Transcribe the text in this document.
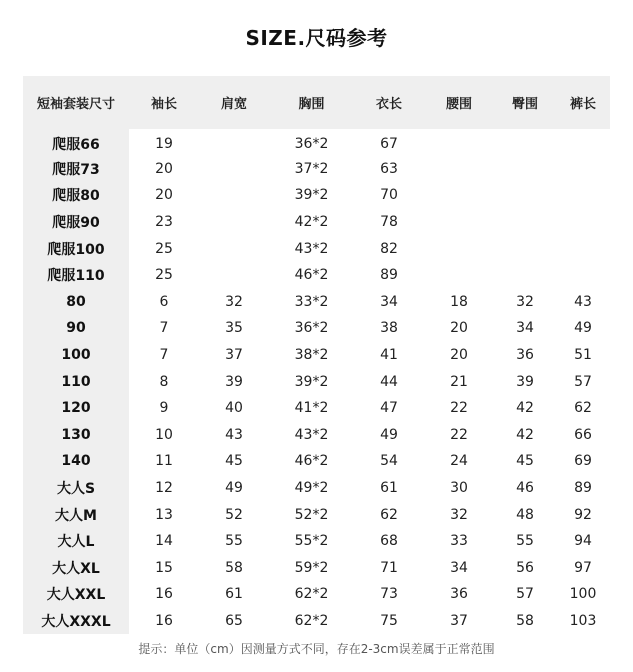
SIZE.尺码参考
短袖套装尺寸	袖长	肩宽	胸围	衣长	腰围	臀围	裤长
爬服66	19		36*2	67			
爬服73	20		37*2	63			
爬服80	20		39*2	70			
爬服90	23		42*2	78			
爬服100	25		43*2	82			
爬服110	25		46*2	89			
80	6	32	33*2	34	18	32	43
90	7	35	36*2	38	20	34	49
100	7	37	38*2	41	20	36	51
110	8	39	39*2	44	21	39	57
120	9	40	41*2	47	22	42	62
130	10	43	43*2	49	22	42	66
140	11	45	46*2	54	24	45	69
大人S	12	49	49*2	61	30	46	89
大人M	13	52	52*2	62	32	48	92
大人L	14	55	55*2	68	33	55	94
大人XL	15	58	59*2	71	34	56	97
大人XXL	16	61	62*2	73	36	57	100
大人XXXL	16	65	62*2	75	37	58	103
提示：单位（cm）因测量方式不同，存在2-3cm误差属于正常范围
